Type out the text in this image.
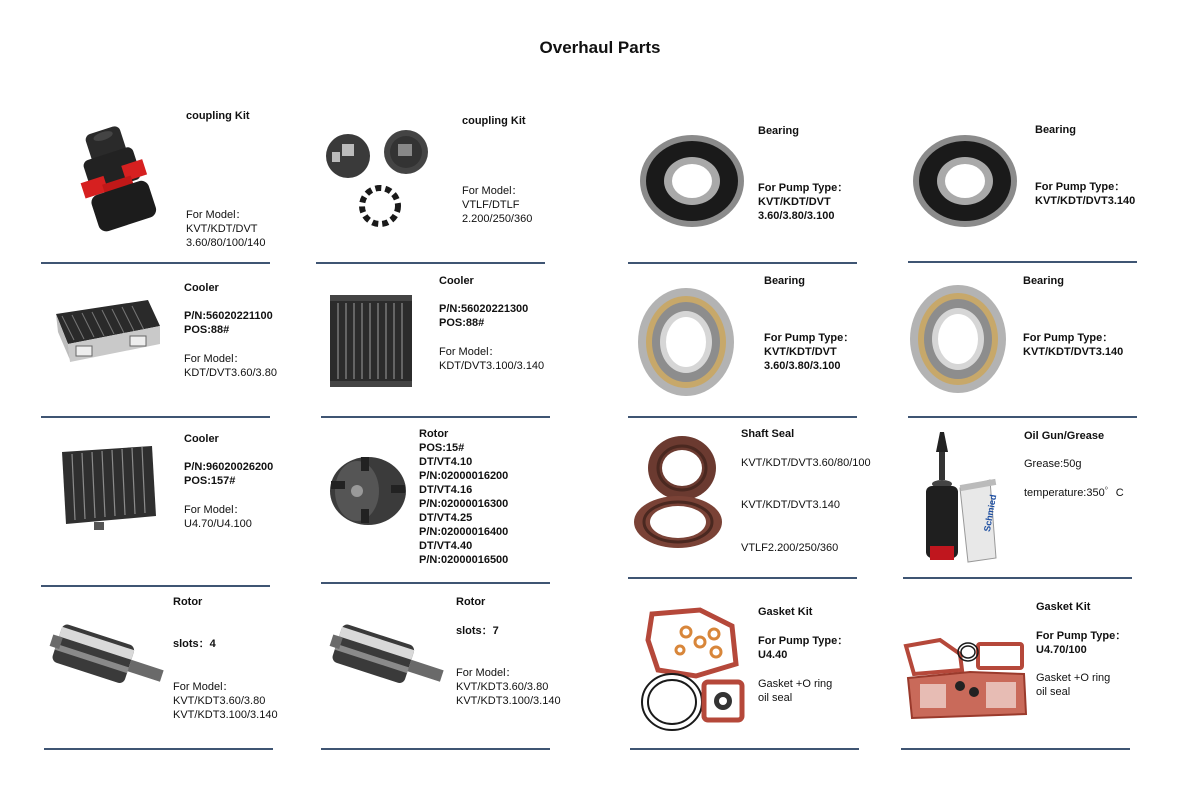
Overhaul Parts
coupling Kit
For Model：
KVT/KDT/DVT
3.60/80/100/140
coupling Kit
For Model：
VTLF/DTLF
2.200/250/360
Bearing
For Pump Type：
KVT/KDT/DVT
3.60/3.80/3.100
Bearing
For Pump Type：
KVT/KDT/DVT3.140
Cooler
P/N:56020221100
POS:88#
For Model：
KDT/DVT3.60/3.80
Cooler
P/N:56020221300
POS:88#
For Model：
KDT/DVT3.100/3.140
Bearing
For Pump Type：
KVT/KDT/DVT
3.60/3.80/3.100
Bearing
For Pump Type：
KVT/KDT/DVT3.140
Cooler
P/N:96020026200
POS:157#
For Model：
U4.70/U4.100
Rotor
POS:15#
DT/VT4.10
P/N:02000016200
DT/VT4.16
P/N:02000016300
DT/VT4.25
P/N:02000016400
DT/VT4.40
P/N:02000016500
Shaft Seal
KVT/KDT/DVT3.60/80/100
KVT/KDT/DVT3.140
VTLF2.200/250/360
Schmied
Oil Gun/Grease
Grease:50g
temperature:350゜C
Rotor
slots：4
For Model：
KVT/KDT3.60/3.80
KVT/KDT3.100/3.140
Rotor
slots：7
For Model：
KVT/KDT3.60/3.80
KVT/KDT3.100/3.140
Gasket Kit
For Pump Type：
U4.40
Gasket +O ring
oil seal
Gasket Kit
For Pump Type：
U4.70/100
Gasket +O ring
oil seal
